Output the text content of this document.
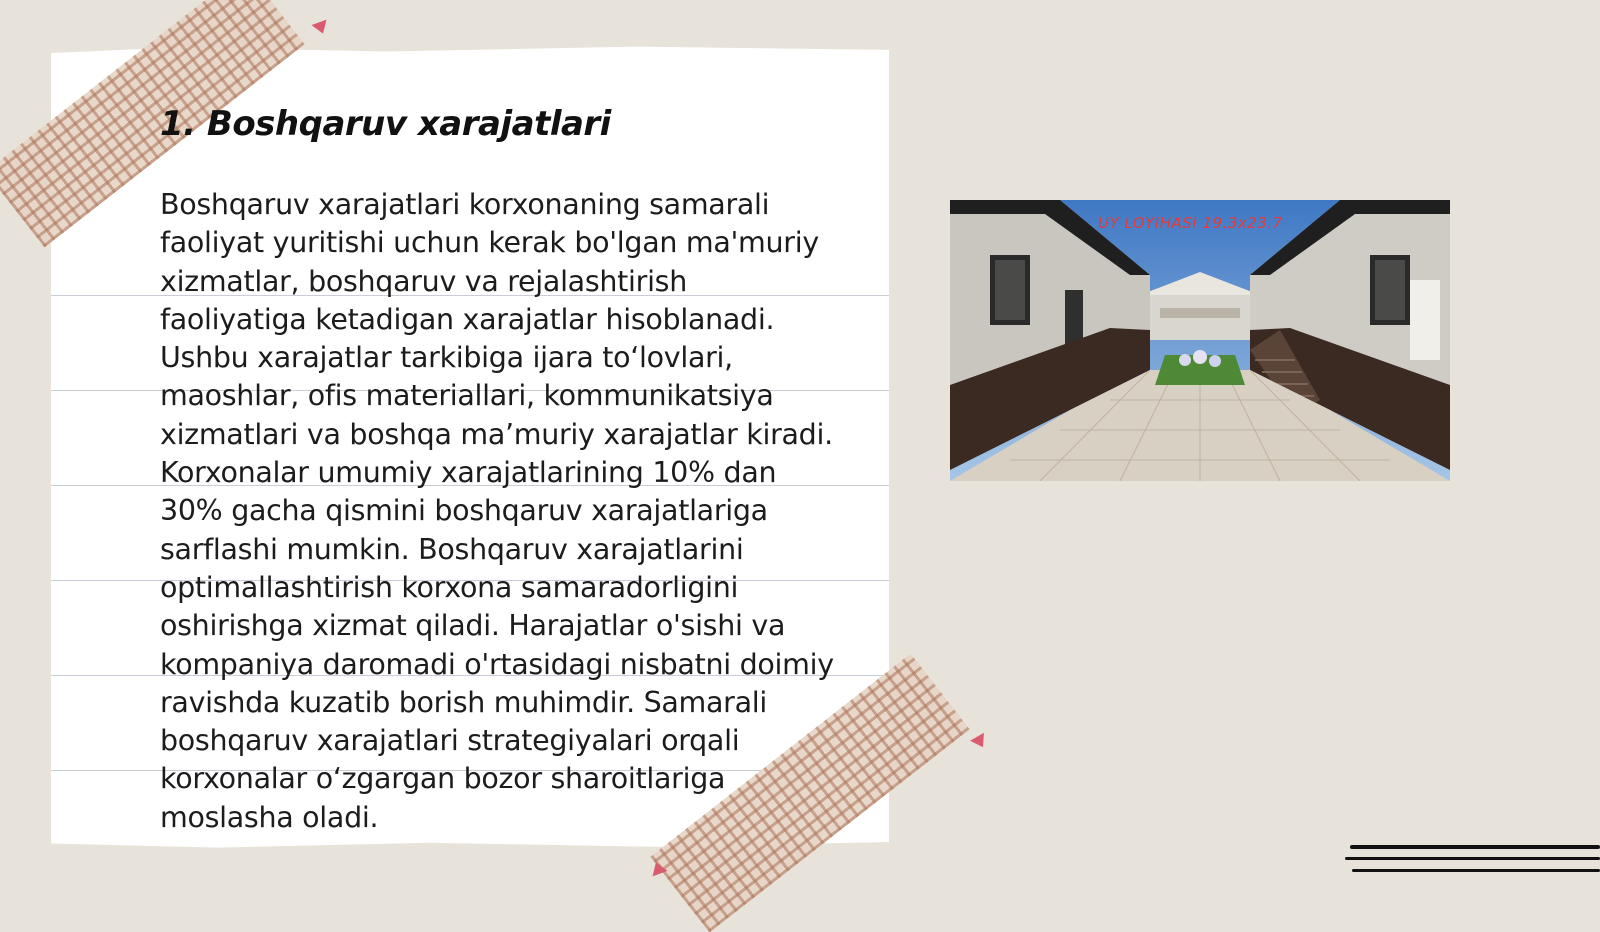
1. Boshqaruv xarajatlari

Boshqaruv xarajatlari korxonaning samarali faoliyat yuritishi uchun kerak bo'lgan ma'muriy xizmatlar, boshqaruv va rejalashtirish faoliyatiga ketadigan xarajatlar hisoblanadi. Ushbu xarajatlar tarkibiga ijara to‘lovlari, maoshlar, ofis materiallari, kommunikatsiya xizmatlari va boshqa ma’muriy xarajatlar kiradi. Korxonalar umumiy xarajatlarining 10% dan 30% gacha qismini boshqaruv xarajatlariga sarflashi mumkin. Boshqaruv xarajatlarini optimallashtirish korxona samaradorligini oshirishga xizmat qiladi. Harajatlar o'sishi va kompaniya daromadi o'rtasidagi nisbatni doimiy ravishda kuzatib borish muhimdir. Samarali boshqaruv xarajatlari strategiyalari orqali korxonalar o‘zgargan bozor sharoitlariga moslasha oladi.

UY LOYIHASI 19.3x23.7
